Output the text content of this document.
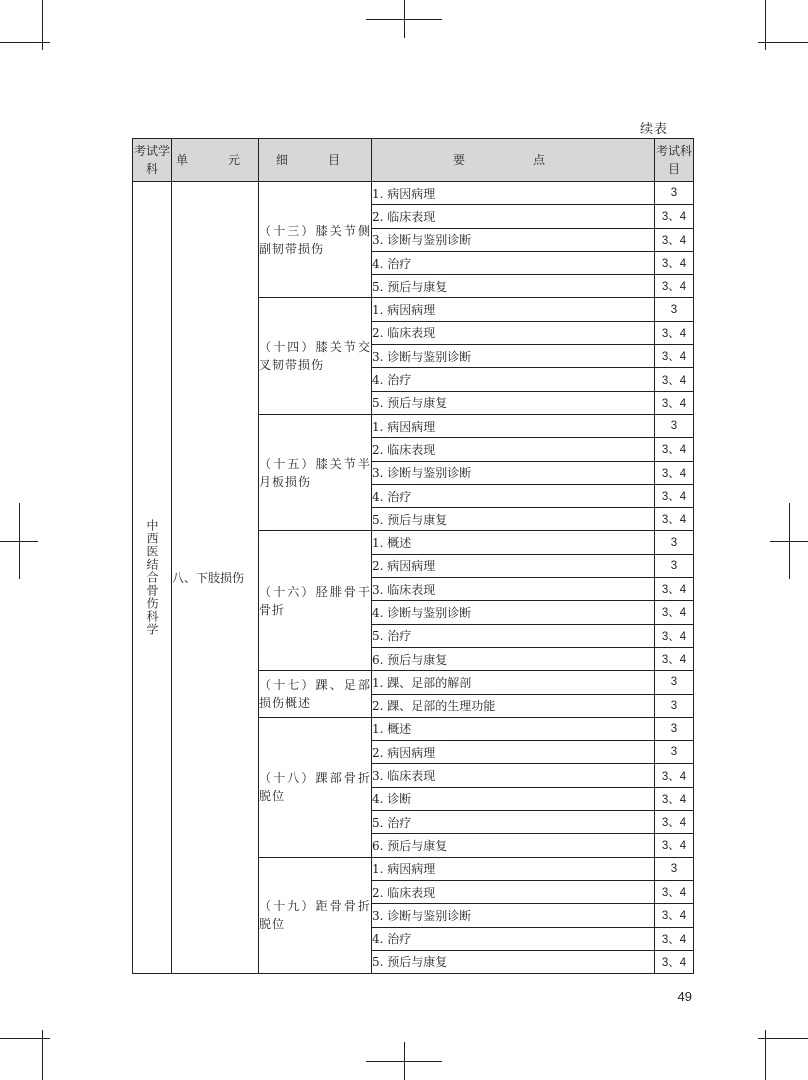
续表
考试学科	单　元	细　目	要　点	考试科目
中西医结合骨伤科学	八、下肢损伤	（十三）膝关节侧副韧带损伤	1. 病因病理	3
			2. 临床表现	3、4
			3. 诊断与鉴别诊断	3、4
			4. 治疗	3、4
			5. 预后与康复	3、4
		（十四）膝关节交叉韧带损伤	1. 病因病理	3
			2. 临床表现	3、4
			3. 诊断与鉴别诊断	3、4
			4. 治疗	3、4
			5. 预后与康复	3、4
		（十五）膝关节半月板损伤	1. 病因病理	3
			2. 临床表现	3、4
			3. 诊断与鉴别诊断	3、4
			4. 治疗	3、4
			5. 预后与康复	3、4
		（十六）胫腓骨干骨折	1. 概述	3
			2. 病因病理	3
			3. 临床表现	3、4
			4. 诊断与鉴别诊断	3、4
			5. 治疗	3、4
			6. 预后与康复	3、4
		（十七）踝、足部损伤概述	1. 踝、足部的解剖	3
			2. 踝、足部的生理功能	3
		（十八）踝部骨折脱位	1. 概述	3
			2. 病因病理	3
			3. 临床表现	3、4
			4. 诊断	3、4
			5. 治疗	3、4
			6. 预后与康复	3、4
		（十九）距骨骨折脱位	1. 病因病理	3
			2. 临床表现	3、4
			3. 诊断与鉴别诊断	3、4
			4. 治疗	3、4
			5. 预后与康复	3、4
49
